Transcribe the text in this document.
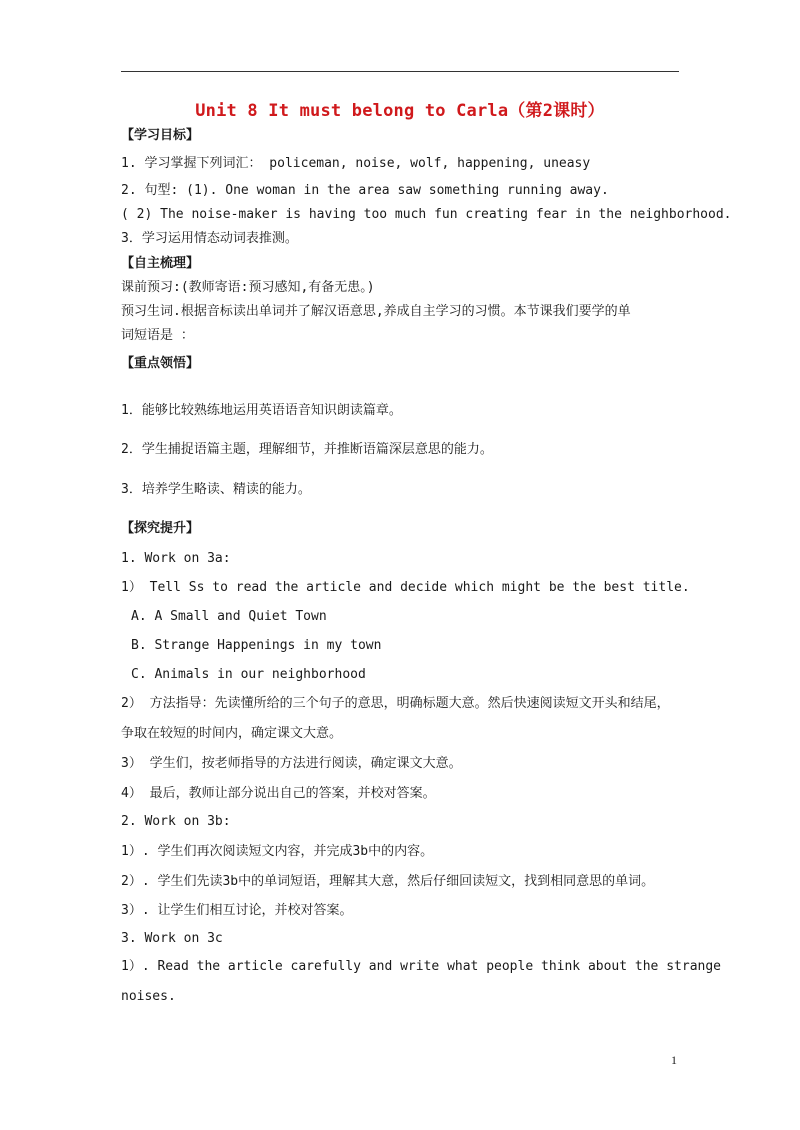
Unit 8 It must belong to Carla（第2课时）
【学习目标】
1. 学习掌握下列词汇： policeman, noise, wolf, happening, uneasy
2. 句型: (1). One woman in the area saw something running away.
( 2) The noise-maker is having too much fun creating fear in the neighborhood.
3．学习运用情态动词表推测。
【自主梳理】
课前预习:(教师寄语:预习感知,有备无患。)
预习生词.根据音标读出单词并了解汉语意思,养成自主学习的习惯。本节课我们要学的单
词短语是 ：
【重点领悟】
1．能够比较熟练地运用英语语音知识朗读篇章。
2．学生捕捉语篇主题，理解细节，并推断语篇深层意思的能力。
3．培养学生略读、精读的能力。
【探究提升】
1. Work on 3a:
1） Tell Ss to read the article and decide which might be the best title.
A. A Small and Quiet Town
B. Strange Happenings in my town
C. Animals in our neighborhood
2） 方法指导：先读懂所给的三个句子的意思，明确标题大意。然后快速阅读短文开头和结尾，
争取在较短的时间内，确定课文大意。
3） 学生们，按老师指导的方法进行阅读，确定课文大意。
4） 最后，教师让部分说出自己的答案，并校对答案。
2. Work on 3b:
1）. 学生们再次阅读短文内容，并完成3b中的内容。
2）. 学生们先读3b中的单词短语，理解其大意，然后仔细回读短文，找到相同意思的单词。
3）. 让学生们相互讨论，并校对答案。
3. Work on 3c
1）. Read the article carefully and write what people think about the strange
noises.
1
